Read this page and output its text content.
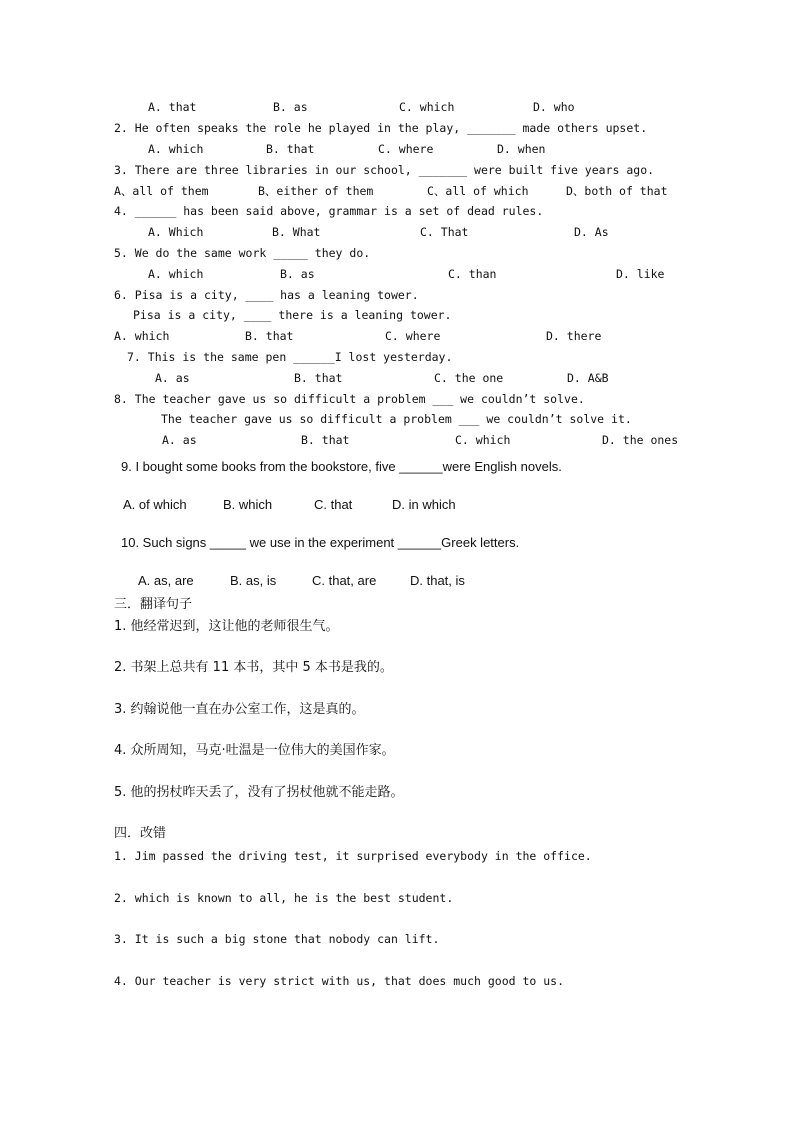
A. that	B. as	C. which	D. who
2. He often speaks the role he played in the play, _______ made others upset.
A. which	B. that	C. where	D. when
3. There are three libraries in our school, _______ were built five years ago.
A、all of them	B、either of them	C、all of which	D、both of that
4. ______ has been said above, grammar is a set of dead rules.
A. Which	B. What	C. That	D. As
5. We do the same work _____ they do.
A. which	B. as	C. than	D. like
6. Pisa is a city, ____ has a leaning tower.
Pisa is a city, ____ there is a leaning tower.
A. which	B. that	C. where	D. there
7. This is the same pen ______I lost yesterday.
A. as	B. that	C. the one	D. A&B
8. The teacher gave us so difficult a problem ___ we couldn’t solve.
The teacher gave us so difficult a problem ___ we couldn’t solve it.
A. as	B. that	C. which	D. the ones
9. I bought some books from the bookstore, five ______were English novels.
A. of which	B. which	C. that	D. in which
10. Such signs _____ we use in the experiment ______Greek letters.
A. as, are	B. as, is	C. that, are	D. that, is
三．翻译句子
1. 他经常迟到，这让他的老师很生气。
2. 书架上总共有 11 本书，其中 5 本书是我的。
3. 约翰说他一直在办公室工作，这是真的。
4. 众所周知，马克·吐温是一位伟大的美国作家。
5. 他的拐杖昨天丢了，没有了拐杖他就不能走路。
四．改错
1. Jim passed the driving test, it surprised everybody in the office.
2. which is known to all, he is the best student.
3. It is such a big stone that nobody can lift.
4. Our teacher is very strict with us, that does much good to us.
